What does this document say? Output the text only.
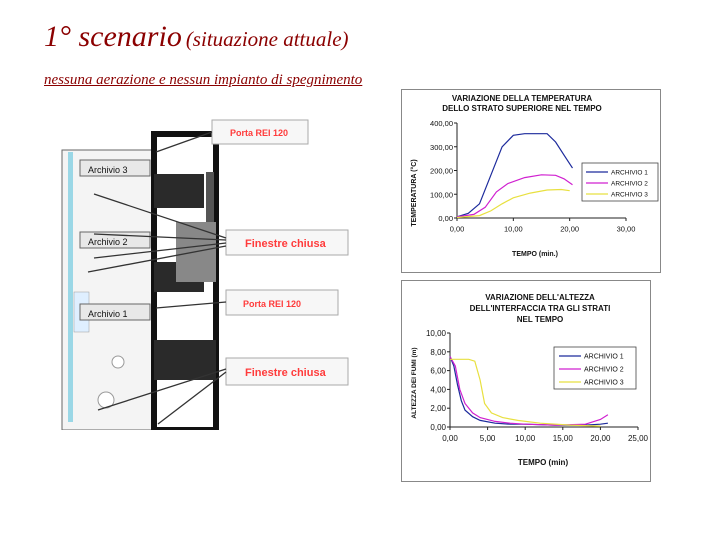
1° scenario (situazione attuale)
nessuna aerazione e nessun impianto di spegnimento
Archivio 3
Archivio 2
Archivio 1
Porta REI 120
Finestre chiusa
Porta REI 120
Finestre chiusa
VARIAZIONE DELLA TEMPERATURA
DELLO STRATO SUPERIORE NEL TEMPO
TEMPERATURA (°C)
TEMPO (min.)
0,00
100,00
200,00
300,00
400,00
0,00	10,00	20,00	30,00
ARCHIVIO 1
ARCHIVIO 2
ARCHIVIO 3
VARIAZIONE DELL'ALTEZZA
DELL'INTERFACCIA TRA GLI STRATI
NEL TEMPO
ALTEZZA DEI FUMI (m)
TEMPO (min)
0,00
2,00
4,00
6,00
8,00
10,00
0,00	5,00 10,00 15,00 20,00 25,00
ARCHIVIO 1
ARCHIVIO 2
ARCHIVIO 3
